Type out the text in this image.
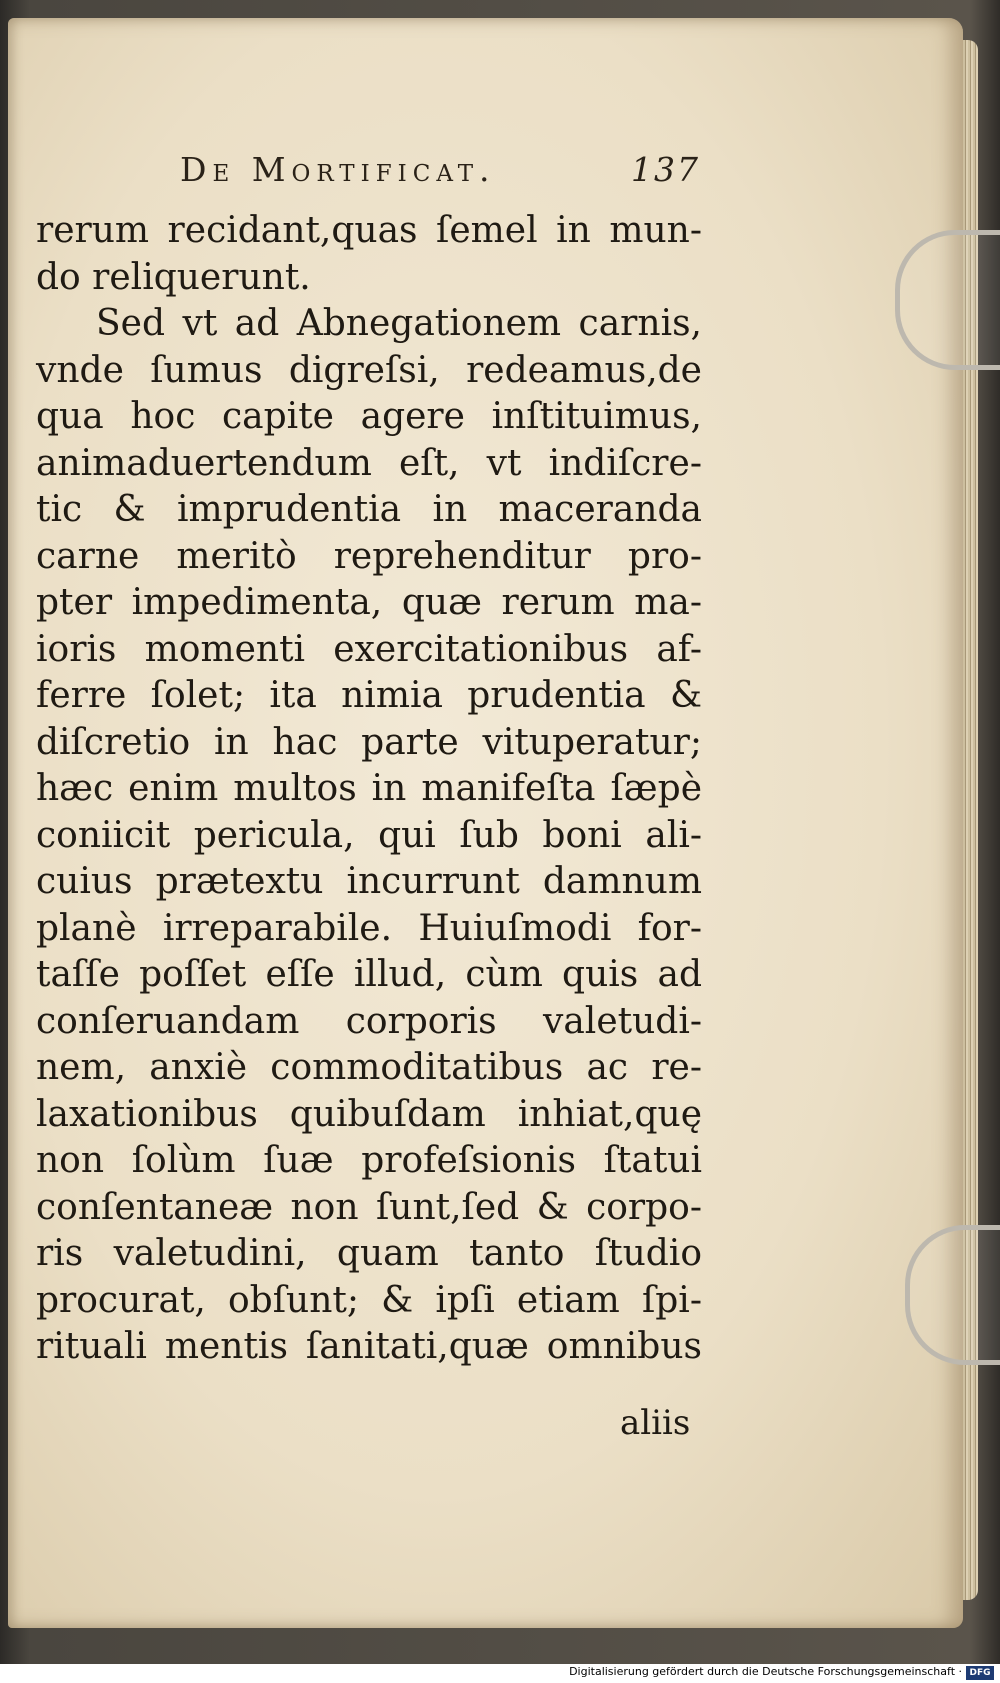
De Mortificat.	137
rerum recidant,quas ſemel in mun-
do reliquerunt.
Sed vt ad Abnegationem carnis,
vnde ſumus digreſsi, redeamus,de
qua hoc capite agere inſtituimus,
animaduertendum eſt, vt indiſcre-
tic & imprudentia in maceranda
carne meritò reprehenditur pro-
pter impedimenta, quæ rerum ma-
ioris momenti exercitationibus af-
ferre ſolet; ita nimia prudentia &
diſcretio in hac parte vituperatur;
hæc enim multos in manifeſta ſæpè
coniicit pericula, qui ſub boni ali-
cuius prætextu incurrunt damnum
planè irreparabile. Huiuſmodi for-
taſſe poſſet eſſe illud, cùm quis ad
conſeruandam corporis valetudi-
nem, anxiè commoditatibus ac re-
laxationibus quibuſdam inhiat,quę
non ſolùm ſuæ profeſsionis ſtatui
conſentaneæ non ſunt,ſed & corpo-
ris valetudini, quam tanto ſtudio
procurat, obſunt; & ipſi etiam ſpi-
rituali mentis ſanitati,quæ omnibus
aliis
Digitalisierung gefördert durch die Deutsche Forschungsgemeinschaft · DFG
